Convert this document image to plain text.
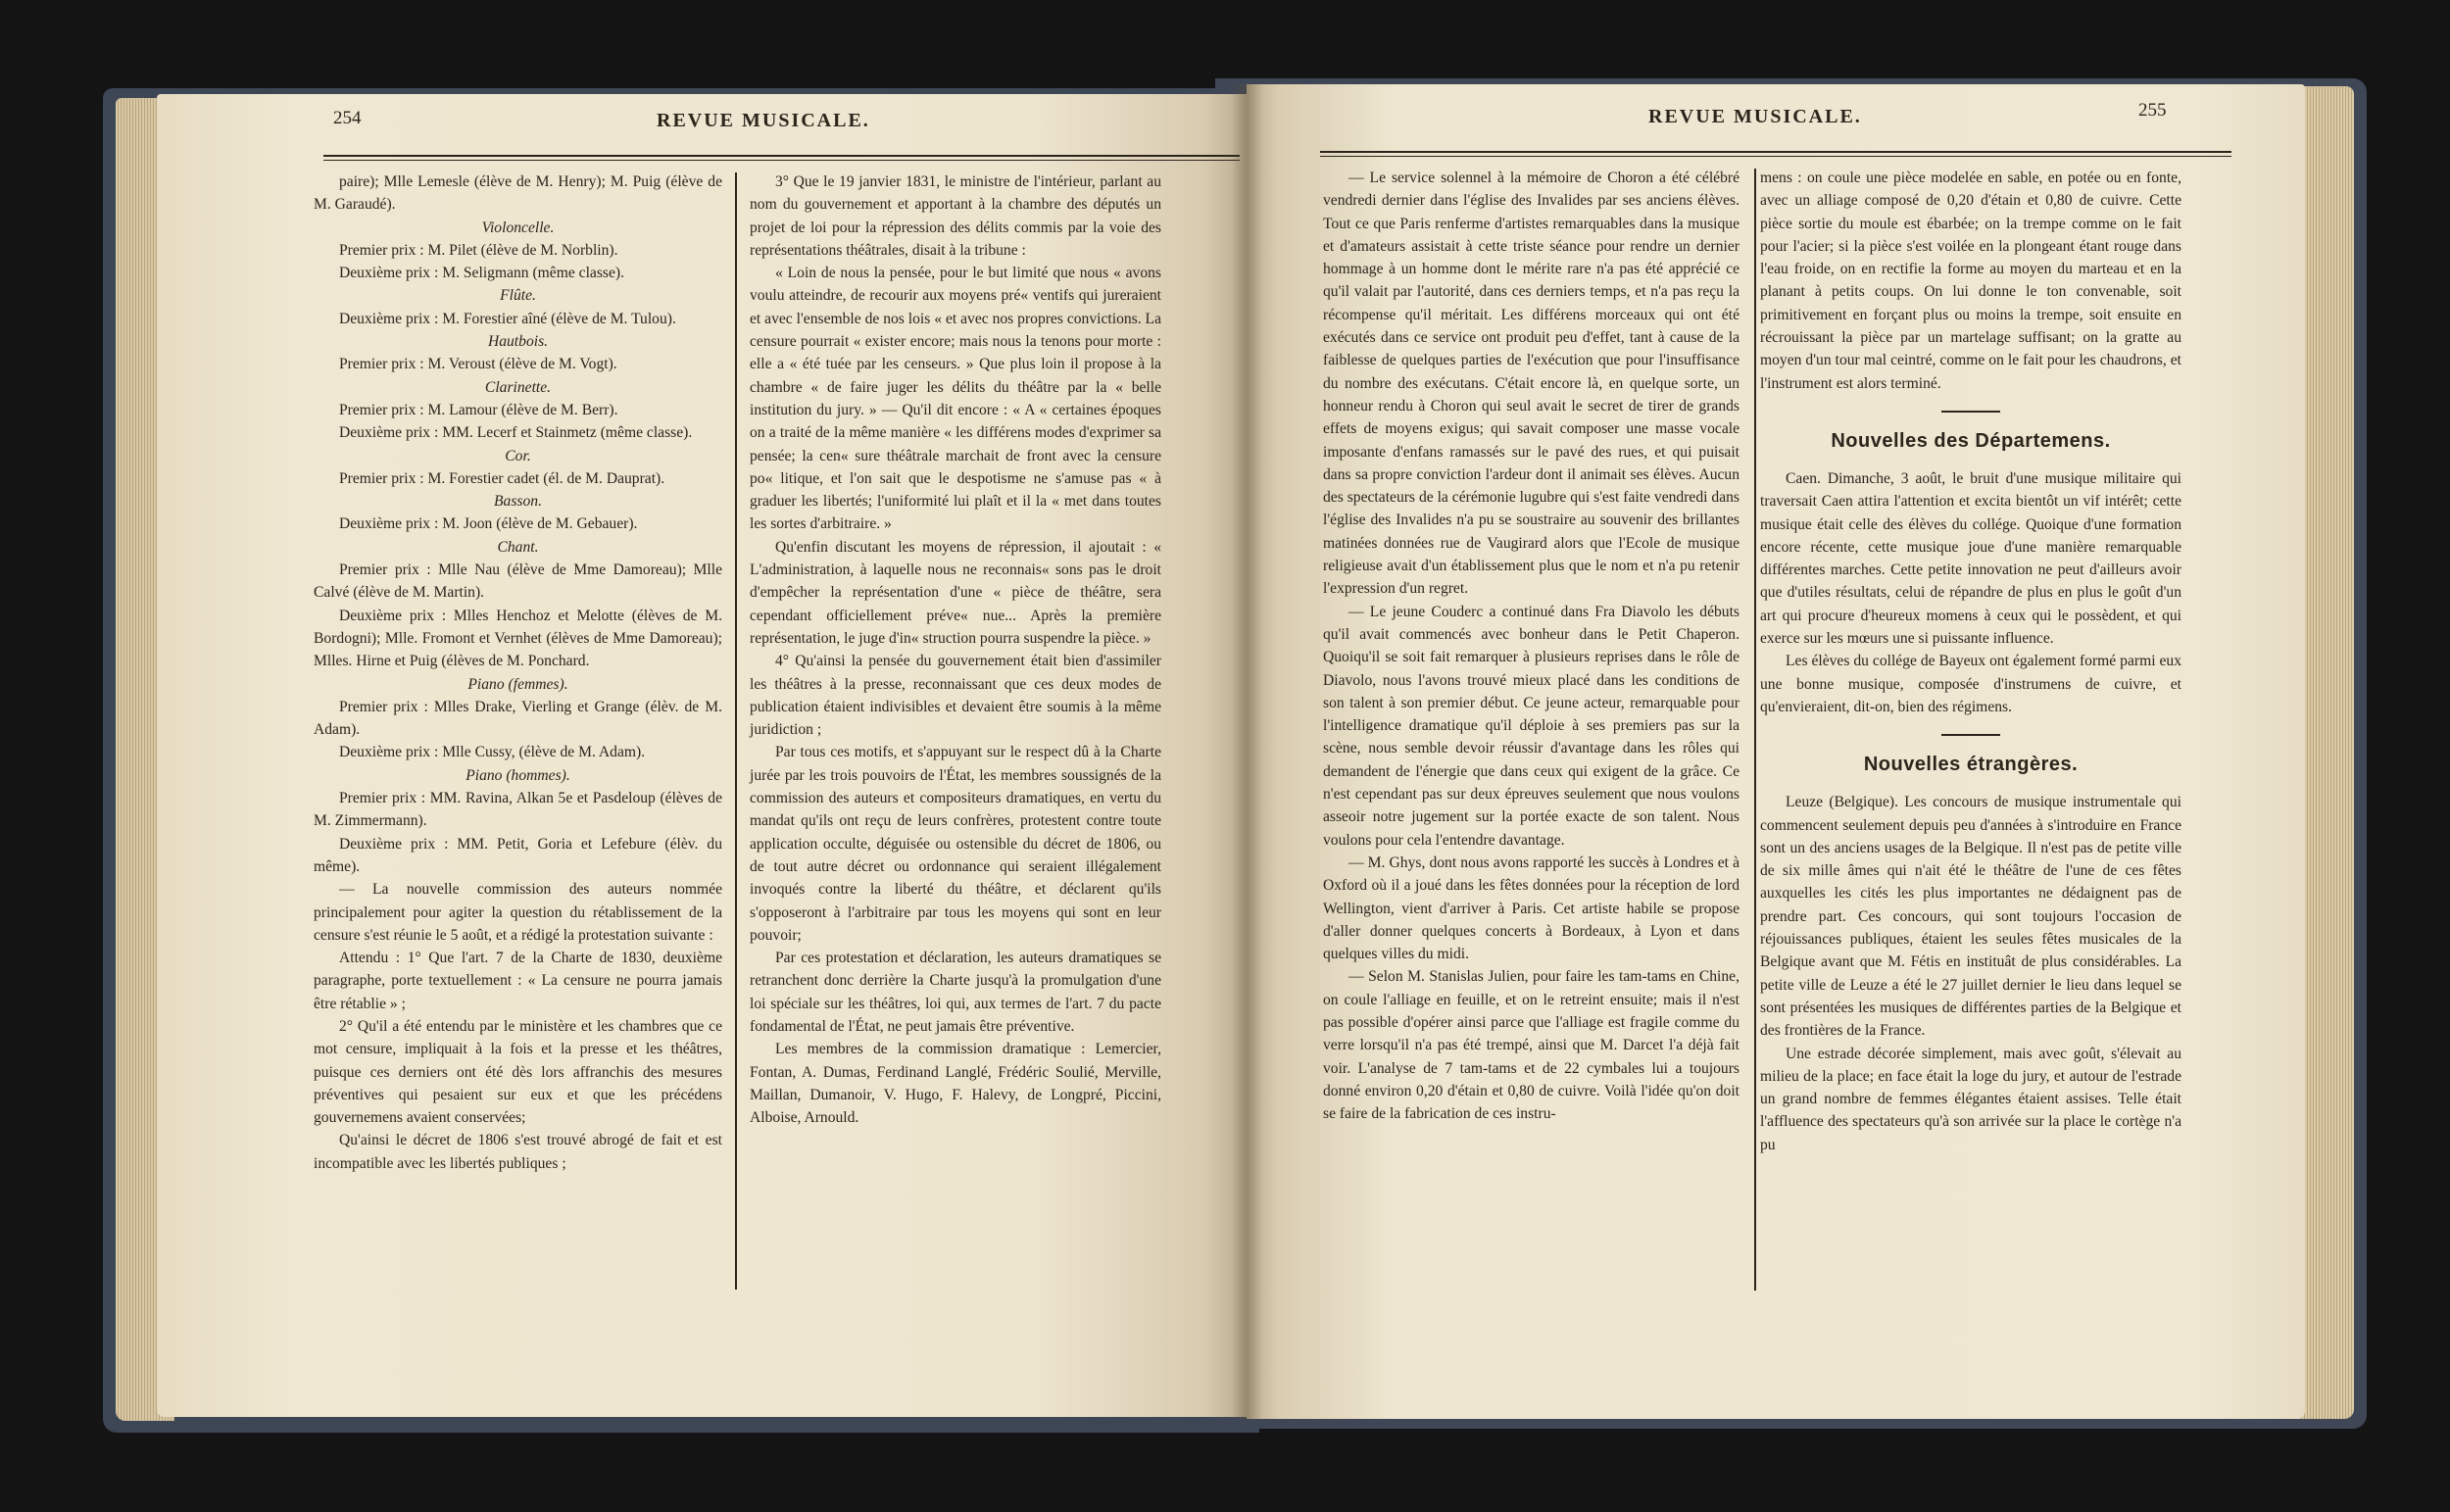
254	REVUE MUSICALE.

paire); Mlle Lemesle (élève de M. Henry); M. Puig (élève de M. Garaudé).

Violoncelle.

Premier prix : M. Pilet (élève de M. Norblin).

Deuxième prix : M. Seligmann (même classe).

Flûte.

Deuxième prix : M. Forestier aîné (élève de M. Tulou).

Hautbois.

Premier prix : M. Veroust (élève de M. Vogt).

Clarinette.

Premier prix : M. Lamour (élève de M. Berr).

Deuxième prix : MM. Lecerf et Stainmetz (même classe).

Cor.

Premier prix : M. Forestier cadet (él. de M. Dauprat).

Basson.

Deuxième prix : M. Joon (élève de M. Gebauer).

Chant.

Premier prix : Mlle Nau (élève de Mme Damoreau); Mlle Calvé (élève de M. Martin).

Deuxième prix : Mlles Henchoz et Melotte (élèves de M. Bordogni); Mlle. Fromont et Vernhet (élèves de Mme Damoreau); Mlles. Hirne et Puig (élèves de M. Ponchard.

Piano (femmes).

Premier prix : Mlles Drake, Vierling et Grange (élèv. de M. Adam).

Deuxième prix : Mlle Cussy, (élève de M. Adam).

Piano (hommes).

Premier prix : MM. Ravina, Alkan 5e et Pasdeloup (élèves de M. Zimmermann).

Deuxième prix : MM. Petit, Goria et Lefebure (élèv. du même).

— La nouvelle commission des auteurs nommée principalement pour agiter la question du rétablissement de la censure s'est réunie le 5 août, et a rédigé la protestation suivante :

Attendu : 1° Que l'art. 7 de la Charte de 1830, deuxième paragraphe, porte textuellement : « La censure ne pourra jamais être rétablie » ;

2° Qu'il a été entendu par le ministère et les chambres que ce mot censure, impliquait à la fois et la presse et les théâtres, puisque ces derniers ont été dès lors affranchis des mesures préventives qui pesaient sur eux et que les précédens gouvernemens avaient conservées;

Qu'ainsi le décret de 1806 s'est trouvé abrogé de fait et est incompatible avec les libertés publiques ;

3° Que le 19 janvier 1831, le ministre de l'intérieur, parlant au nom du gouvernement et apportant à la chambre des députés un projet de loi pour la répression des délits commis par la voie des représentations théâtrales, disait à la tribune :

« Loin de nous la pensée, pour le but limité que nous « avons voulu atteindre, de recourir aux moyens pré« ventifs qui jureraient et avec l'ensemble de nos lois « et avec nos propres convictions. La censure pourrait « exister encore; mais nous la tenons pour morte : elle a « été tuée par les censeurs. » Que plus loin il propose à la chambre « de faire juger les délits du théâtre par la « belle institution du jury. » — Qu'il dit encore : « A « certaines époques on a traité de la même manière « les différens modes d'exprimer sa pensée; la cen« sure théâtrale marchait de front avec la censure po« litique, et l'on sait que le despotisme ne s'amuse pas « à graduer les libertés; l'uniformité lui plaît et il la « met dans toutes les sortes d'arbitraire. »

Qu'enfin discutant les moyens de répression, il ajoutait : « L'administration, à laquelle nous ne reconnais« sons pas le droit d'empêcher la représentation d'une « pièce de théâtre, sera cependant officiellement préve« nue... Après la première représentation, le juge d'in« struction pourra suspendre la pièce. »

4° Qu'ainsi la pensée du gouvernement était bien d'assimiler les théâtres à la presse, reconnaissant que ces deux modes de publication étaient indivisibles et devaient être soumis à la même juridiction ;

Par tous ces motifs, et s'appuyant sur le respect dû à la Charte jurée par les trois pouvoirs de l'État, les membres soussignés de la commission des auteurs et compositeurs dramatiques, en vertu du mandat qu'ils ont reçu de leurs confrères, protestent contre toute application occulte, déguisée ou ostensible du décret de 1806, ou de tout autre décret ou ordonnance qui seraient illégalement invoqués contre la liberté du théâtre, et déclarent qu'ils s'opposeront à l'arbitraire par tous les moyens qui sont en leur pouvoir;

Par ces protestation et déclaration, les auteurs dramatiques se retranchent donc derrière la Charte jusqu'à la promulgation d'une loi spéciale sur les théâtres, loi qui, aux termes de l'art. 7 du pacte fondamental de l'État, ne peut jamais être préventive.

Les membres de la commission dramatique : Lemercier, Fontan, A. Dumas, Ferdinand Langlé, Frédéric Soulié, Merville, Maillan, Dumanoir, V. Hugo, F. Halevy, de Longpré, Piccini, Alboise, Arnould.

REVUE MUSICALE.	255

— Le service solennel à la mémoire de Choron a été célébré vendredi dernier dans l'église des Invalides par ses anciens élèves. Tout ce que Paris renferme d'artistes remarquables dans la musique et d'amateurs assistait à cette triste séance pour rendre un dernier hommage à un homme dont le mérite rare n'a pas été apprécié ce qu'il valait par l'autorité, dans ces derniers temps, et n'a pas reçu la récompense qu'il méritait. Les différens morceaux qui ont été exécutés dans ce service ont produit peu d'effet, tant à cause de la faiblesse de quelques parties de l'exécution que pour l'insuffisance du nombre des exécutans. C'était encore là, en quelque sorte, un honneur rendu à Choron qui seul avait le secret de tirer de grands effets de moyens exigus; qui savait composer une masse vocale imposante d'enfans ramassés sur le pavé des rues, et qui puisait dans sa propre conviction l'ardeur dont il animait ses élèves. Aucun des spectateurs de la cérémonie lugubre qui s'est faite vendredi dans l'église des Invalides n'a pu se soustraire au souvenir des brillantes matinées données rue de Vaugirard alors que l'Ecole de musique religieuse avait d'un établissement plus que le nom et n'a pu retenir l'expression d'un regret.

— Le jeune Couderc a continué dans Fra Diavolo les débuts qu'il avait commencés avec bonheur dans le Petit Chaperon. Quoiqu'il se soit fait remarquer à plusieurs reprises dans le rôle de Diavolo, nous l'avons trouvé mieux placé dans les conditions de son talent à son premier début. Ce jeune acteur, remarquable pour l'intelligence dramatique qu'il déploie à ses premiers pas sur la scène, nous semble devoir réussir d'avantage dans les rôles qui demandent de l'énergie que dans ceux qui exigent de la grâce. Ce n'est cependant pas sur deux épreuves seulement que nous voulons asseoir notre jugement sur la portée exacte de son talent. Nous voulons pour cela l'entendre davantage.

— M. Ghys, dont nous avons rapporté les succès à Londres et à Oxford où il a joué dans les fêtes données pour la réception de lord Wellington, vient d'arriver à Paris. Cet artiste habile se propose d'aller donner quelques concerts à Bordeaux, à Lyon et dans quelques villes du midi.

— Selon M. Stanislas Julien, pour faire les tam-tams en Chine, on coule l'alliage en feuille, et on le retreint ensuite; mais il n'est pas possible d'opérer ainsi parce que l'alliage est fragile comme du verre lorsqu'il n'a pas été trempé, ainsi que M. Darcet l'a déjà fait voir. L'analyse de 7 tam-tams et de 22 cymbales lui a toujours donné environ 0,20 d'étain et 0,80 de cuivre. Voilà l'idée qu'on doit se faire de la fabrication de ces instru-

mens : on coule une pièce modelée en sable, en potée ou en fonte, avec un alliage composé de 0,20 d'étain et 0,80 de cuivre. Cette pièce sortie du moule est ébarbée; on la trempe comme on le fait pour l'acier; si la pièce s'est voilée en la plongeant étant rouge dans l'eau froide, on en rectifie la forme au moyen du marteau et en la planant à petits coups. On lui donne le ton convenable, soit primitivement en forçant plus ou moins la trempe, soit ensuite en récrouissant la pièce par un martelage suffisant; on la gratte au moyen d'un tour mal ceintré, comme on le fait pour les chaudrons, et l'instrument est alors terminé.

Nouvelles des Départemens.

Caen. Dimanche, 3 août, le bruit d'une musique militaire qui traversait Caen attira l'attention et excita bientôt un vif intérêt; cette musique était celle des élèves du collége. Quoique d'une formation encore récente, cette musique joue d'une manière remarquable différentes marches. Cette petite innovation ne peut d'ailleurs avoir que d'utiles résultats, celui de répandre de plus en plus le goût d'un art qui procure d'heureux momens à ceux qui le possèdent, et qui exerce sur les mœurs une si puissante influence.

Les élèves du collége de Bayeux ont également formé parmi eux une bonne musique, composée d'instrumens de cuivre, et qu'envieraient, dit-on, bien des régimens.

Nouvelles étrangères.

Leuze (Belgique). Les concours de musique instrumentale qui commencent seulement depuis peu d'années à s'introduire en France sont un des anciens usages de la Belgique. Il n'est pas de petite ville de six mille âmes qui n'ait été le théâtre de l'une de ces fêtes auxquelles les cités les plus importantes ne dédaignent pas de prendre part. Ces concours, qui sont toujours l'occasion de réjouissances publiques, étaient les seules fêtes musicales de la Belgique avant que M. Fétis en instituât de plus considérables. La petite ville de Leuze a été le 27 juillet dernier le lieu dans lequel se sont présentées les musiques de différentes parties de la Belgique et des frontières de la France.

Une estrade décorée simplement, mais avec goût, s'élevait au milieu de la place; en face était la loge du jury, et autour de l'estrade un grand nombre de femmes élégantes étaient assises. Telle était l'affluence des spectateurs qu'à son arrivée sur la place le cortège n'a pu
